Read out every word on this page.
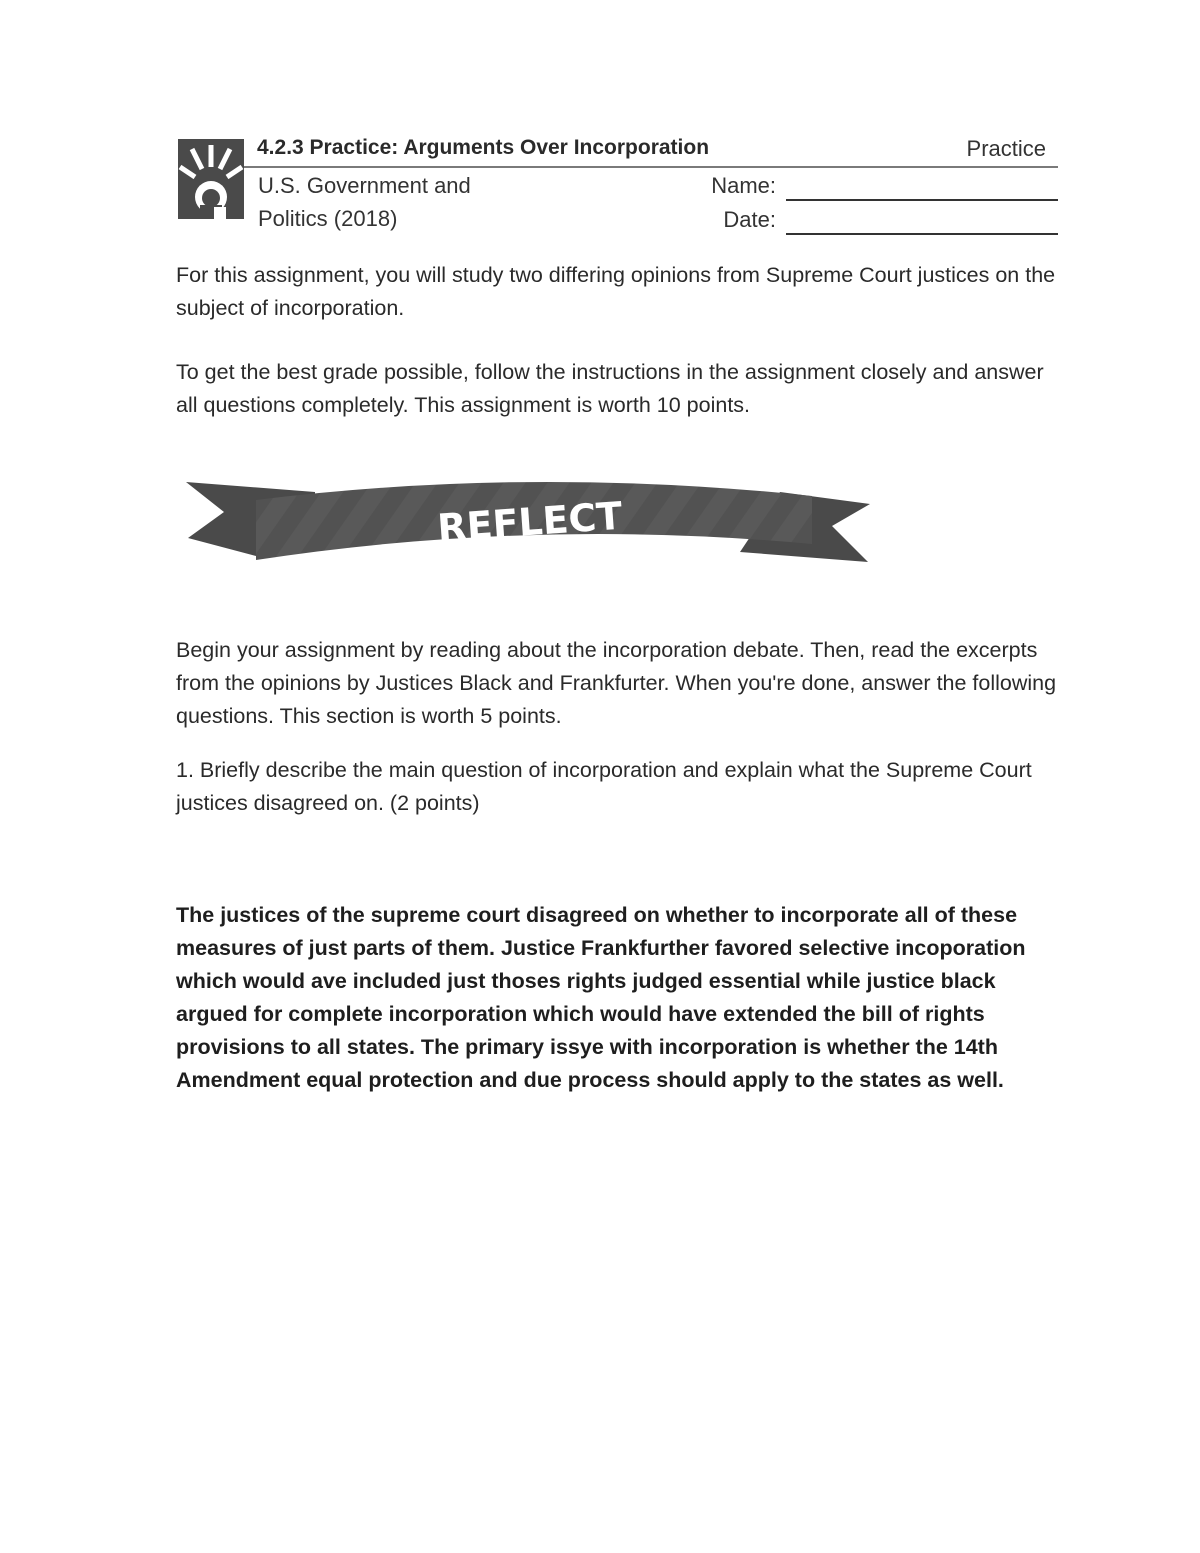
4.2.3 Practice: Arguments Over Incorporation	Practice
U.S. Government and
Politics (2018)
Name:
Date:

For this assignment, you will study two differing opinions from Supreme Court justices on the subject of incorporation.

To get the best grade possible, follow the instructions in the assignment closely and answer all questions completely. This assignment is worth 10 points.

REFLECT

Begin your assignment by reading about the incorporation debate. Then, read the excerpts from the opinions by Justices Black and Frankfurter. When you're done, answer the following questions. This section is worth 5 points.

1. Briefly describe the main question of incorporation and explain what the Supreme Court justices disagreed on. (2 points)

The justices of the supreme court disagreed on whether to incorporate all of these measures of just parts of them. Justice Frankfurther favored selective incoporation which would ave included just thoses rights judged essential while justice black argued for complete incorporation which would have extended the bill of rights provisions to all states. The primary issye with incorporation is whether the 14th Amendment equal protection and due process should apply to the states as well.
